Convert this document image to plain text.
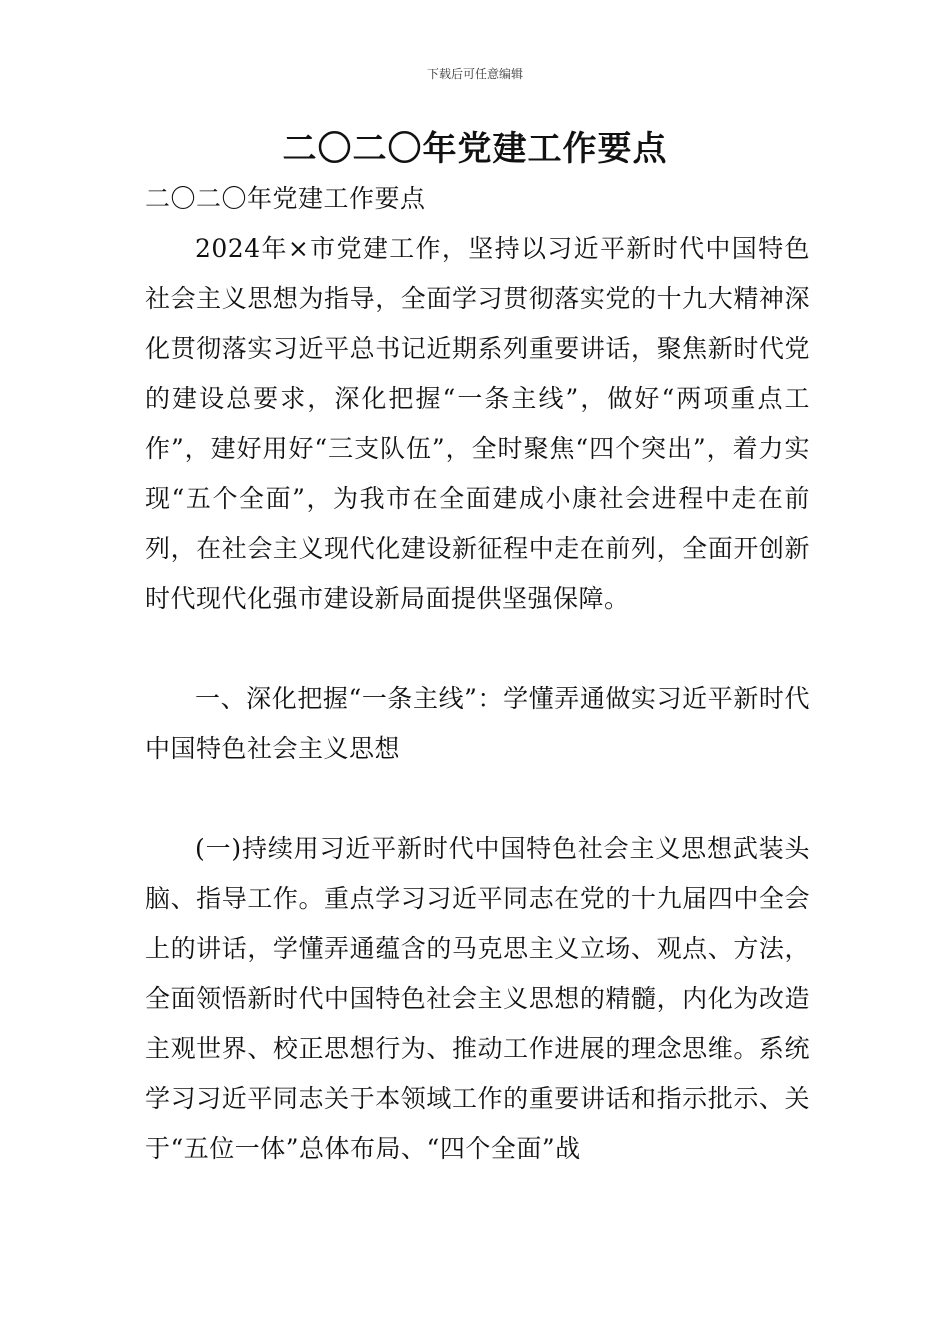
下载后可任意编辑
二〇二〇年党建工作要点

二〇二〇年党建工作要点

2024年×市党建工作，坚持以习近平新时代中国特色社会主义思想为指导，全面学习贯彻落实党的十九大精神深化贯彻落实习近平总书记近期系列重要讲话，聚焦新时代党的建设总要求，深化把握“一条主线”，做好“两项重点工作”，建好用好“三支队伍”，全时聚焦“四个突出”，着力实现“五个全面”，为我市在全面建成小康社会进程中走在前列，在社会主义现代化建设新征程中走在前列，全面开创新时代现代化强市建设新局面提供坚强保障。

一、深化把握“一条主线”：学懂弄通做实习近平新时代中国特色社会主义思想

(一)持续用习近平新时代中国特色社会主义思想武装头脑、指导工作。重点学习习近平同志在党的十九届四中全会上的讲话，学懂弄通蕴含的马克思主义立场、观点、方法，全面领悟新时代中国特色社会主义思想的精髓，内化为改造主观世界、校正思想行为、推动工作进展的理念思维。系统学习习近平同志关于本领域工作的重要讲话和指示批示、关于“五位一体”总体布局、“四个全面”战
